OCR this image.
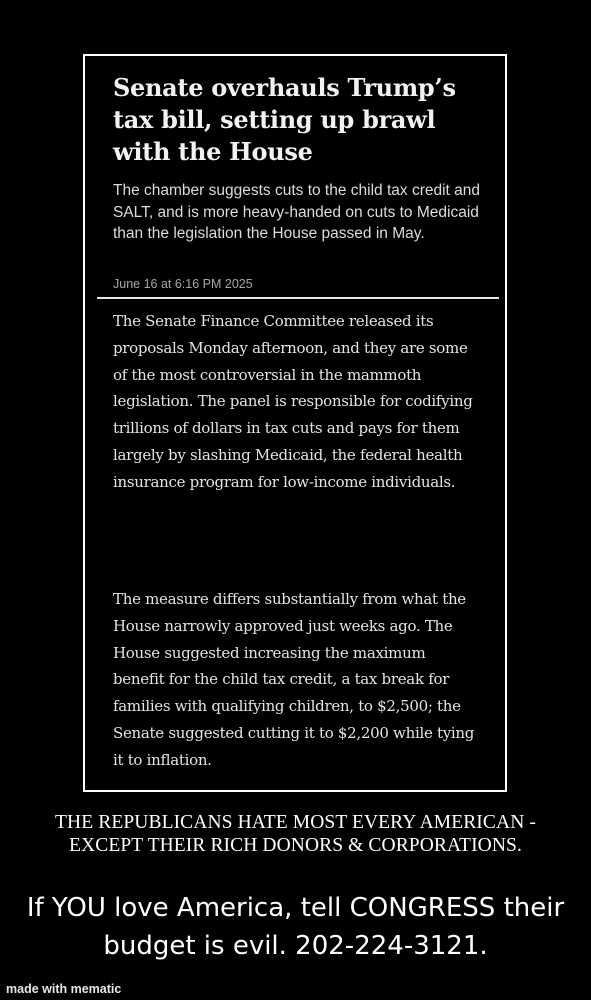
Senate overhauls Trump’s tax bill, setting up brawl with the House
The chamber suggests cuts to the child tax credit and SALT, and is more heavy-handed on cuts to Medicaid than the legislation the House passed in May.
June 16 at 6:16 PM 2025
The Senate Finance Committee released its proposals Monday afternoon, and they are some of the most controversial in the mammoth legislation. The panel is responsible for codifying trillions of dollars in tax cuts and pays for them largely by slashing Medicaid, the federal health insurance program for low-income individuals.
The measure differs substantially from what the House narrowly approved just weeks ago. The House suggested increasing the maximum benefit for the child tax credit, a tax break for families with qualifying children, to $2,500; the Senate suggested cutting it to $2,200 while tying it to inflation.
THE REPUBLICANS HATE MOST EVERY AMERICAN - EXCEPT THEIR RICH DONORS & CORPORATIONS.
If YOU love America, tell CONGRESS their budget is evil. 202-224-3121.
made with mematic
